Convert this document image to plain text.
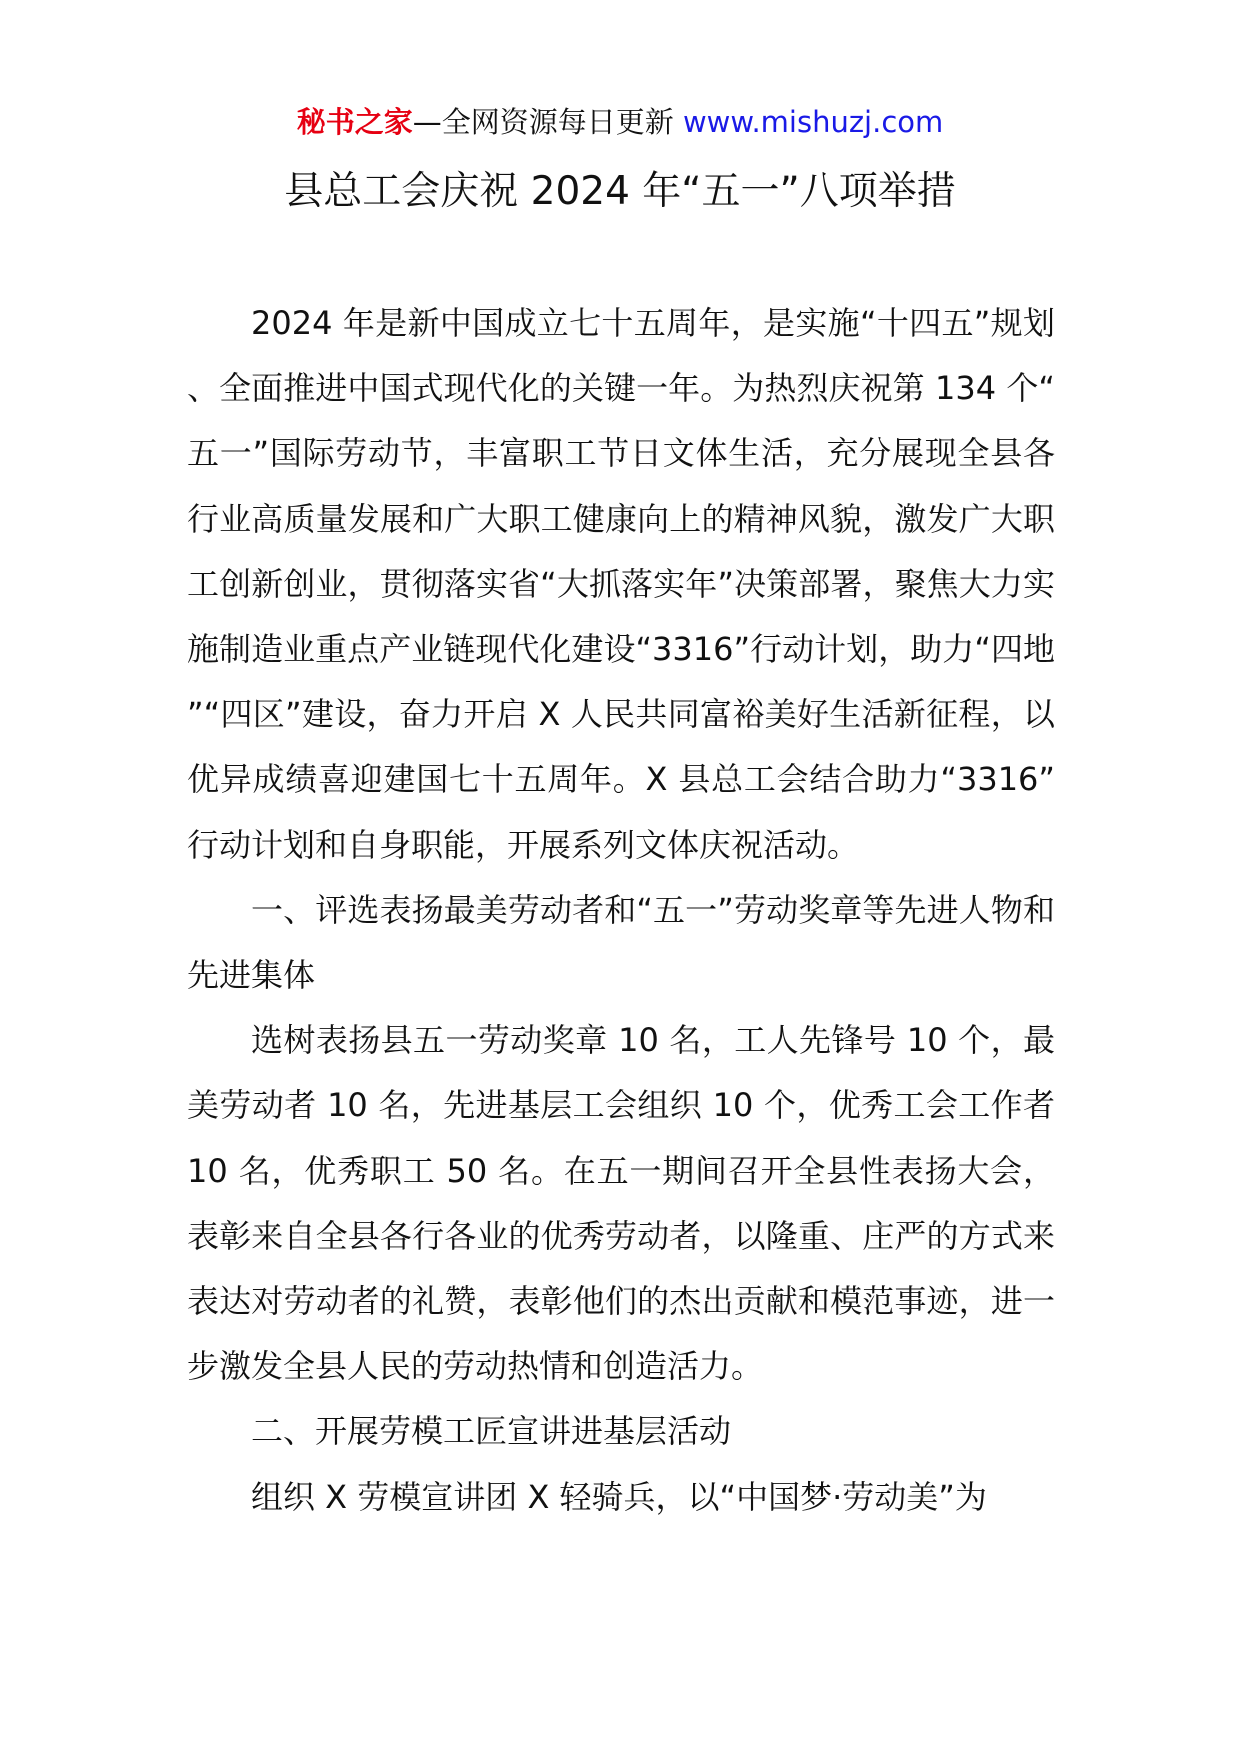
秘书之家—全网资源每日更新 www.mishuzj.com
县总工会庆祝 2024 年“五一”八项举措

2024 年是新中国成立七十五周年，是实施“十四五”规划、全面推进中国式现代化的关键一年。为热烈庆祝第 134 个“五一”国际劳动节，丰富职工节日文体生活，充分展现全县各行业高质量发展和广大职工健康向上的精神风貌，激发广大职工创新创业，贯彻落实省“大抓落实年”决策部署，聚焦大力实施制造业重点产业链现代化建设“3316”行动计划，助力“四地”“四区”建设，奋力开启 X 人民共同富裕美好生活新征程，以优异成绩喜迎建国七十五周年。X 县总工会结合助力“3316”行动计划和自身职能，开展系列文体庆祝活动。

一、评选表扬最美劳动者和“五一”劳动奖章等先进人物和先进集体

选树表扬县五一劳动奖章 10 名，工人先锋号 10 个，最美劳动者 10 名，先进基层工会组织 10 个，优秀工会工作者 10 名，优秀职工 50 名。在五一期间召开全县性表扬大会，表彰来自全县各行各业的优秀劳动者，以隆重、庄严的方式来表达对劳动者的礼赞，表彰他们的杰出贡献和模范事迹，进一步激发全县人民的劳动热情和创造活力。

二、开展劳模工匠宣讲进基层活动

组织 X 劳模宣讲团 X 轻骑兵，以“中国梦·劳动美”为
